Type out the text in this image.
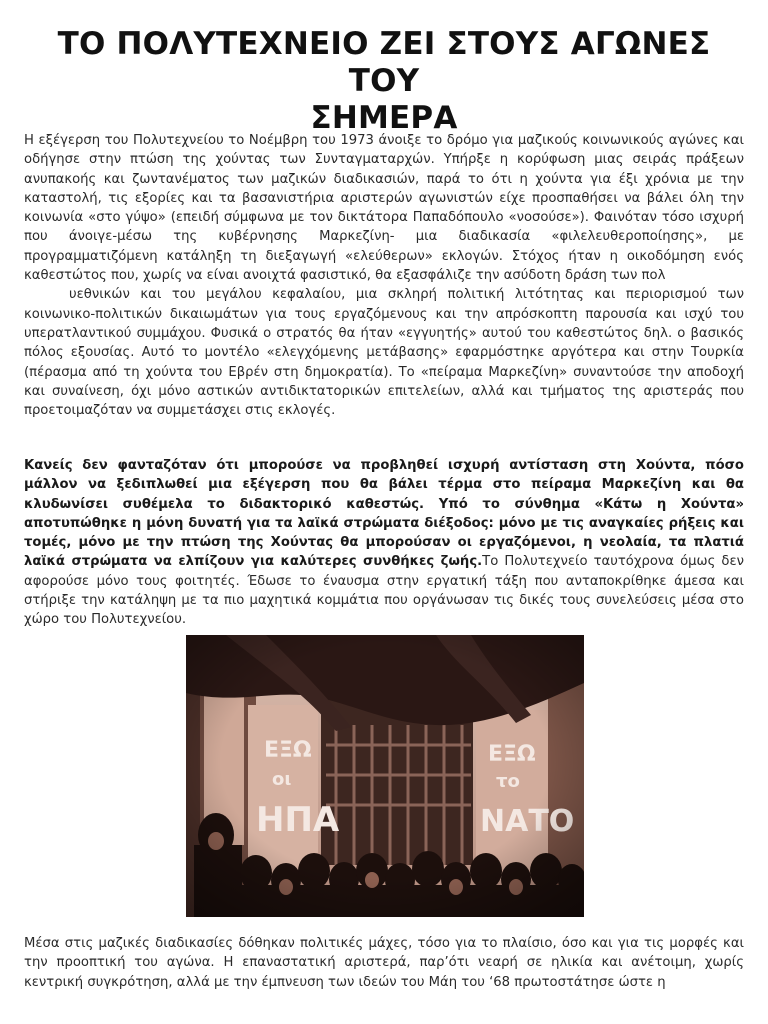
ΤΟ ΠΟΛΥΤΕΧΝΕΙΟ ΖΕΙ ΣΤΟΥΣ ΑΓΩΝΕΣ ΤΟΥ
ΣΗΜΕΡΑ
Η εξέγερση του Πολυτεχνείου το Νοέμβρη του 1973 άνοιξε το δρόμο για μαζικούς κοινωνικούς αγώνες και οδήγησε στην πτώση της χούντας των Συνταγματαρχών. Υπήρξε η κορύφωση μιας σειράς πράξεων ανυπακοής και ζωντανέματος των μαζικών διαδικασιών, παρά το ότι η χούντα για έξι χρόνια με την καταστολή, τις εξορίες και τα βασανιστήρια αριστερών αγωνιστών είχε προσπαθήσει να βάλει όλη την κοινωνία «στο γύψο» (επειδή σύμφωνα με τον δικτάτορα Παπαδόπουλο «νοσούσε»). Φαινόταν τόσο ισχυρή που άνοιγε-μέσω της κυβέρνησης Μαρκεζίνη- μια διαδικασία «φιλελευθεροποίησης», με προγραμματιζόμενη κατάληξη τη διεξαγωγή «ελεύθερων» εκλογών. Στόχος ήταν η οικοδόμηση ενός καθεστώτος που, χωρίς να είναι ανοιχτά φασιστικό, θα εξασφάλιζε την ασύδοτη δράση των πολ
υεθνικών και του μεγάλου κεφαλαίου, μια σκληρή πολιτική λιτότητας και περιορισμού των κοινωνικο-πολιτικών δικαιωμάτων για τους εργαζόμενους και την απρόσκοπτη παρουσία και ισχύ του υπερατλαντικού συμμάχου. Φυσικά ο στρατός θα ήταν «εγγυητής» αυτού του καθεστώτος δηλ. ο βασικός πόλος εξουσίας. Αυτό το μοντέλο «ελεγχόμενης μετάβασης» εφαρμόστηκε αργότερα και στην Τουρκία (πέρασμα από τη χούντα του Εβρέν στη δημοκρατία). Το «πείραμα Μαρκεζίνη» συναντούσε την αποδοχή και συναίνεση, όχι μόνο αστικών αντιδικτατορικών επιτελείων, αλλά και τμήματος της αριστεράς που προετοιμαζόταν να συμμετάσχει στις εκλογές.
Κανείς δεν φανταζόταν ότι μπορούσε να προβληθεί ισχυρή αντίσταση στη Χούντα, πόσο μάλλον να ξεδιπλωθεί μια εξέγερση που θα βάλει τέρμα στο πείραμα Μαρκεζίνη και θα κλυδωνίσει συθέμελα το διδακτορικό καθεστώς. Υπό το σύνθημα «Κάτω η Χούντα» αποτυπώθηκε η μόνη δυνατή για τα λαϊκά στρώματα διέξοδος: μόνο με τις αναγκαίες ρήξεις και τομές, μόνο με την πτώση της Χούντας θα μπορούσαν οι εργαζόμενοι, η νεολαία, τα πλατιά λαϊκά στρώματα να ελπίζουν για καλύτερες συνθήκες ζωής.Το Πολυτεχνείο ταυτόχρονα όμως δεν αφορούσε μόνο τους φοιτητές. Έδωσε το έναυσμα στην εργατική τάξη που ανταποκρίθηκε άμεσα και στήριξε την κατάληψη με τα πιο μαχητικά κομμάτια που οργάνωσαν τις δικές τους συνελεύσεις μέσα στο χώρο του Πολυτεχνείου.
Μέσα στις μαζικές διαδικασίες δόθηκαν πολιτικές μάχες, τόσο για το πλαίσιο, όσο και για τις μορφές και την προοπτική του αγώνα. Η επαναστατική αριστερά, παρ’ότι νεαρή σε ηλικία και ανέτοιμη, χωρίς κεντρική συγκρότηση, αλλά με την έμπνευση των ιδεών του Μάη του ‘68 πρωτοστάτησε ώστε η
